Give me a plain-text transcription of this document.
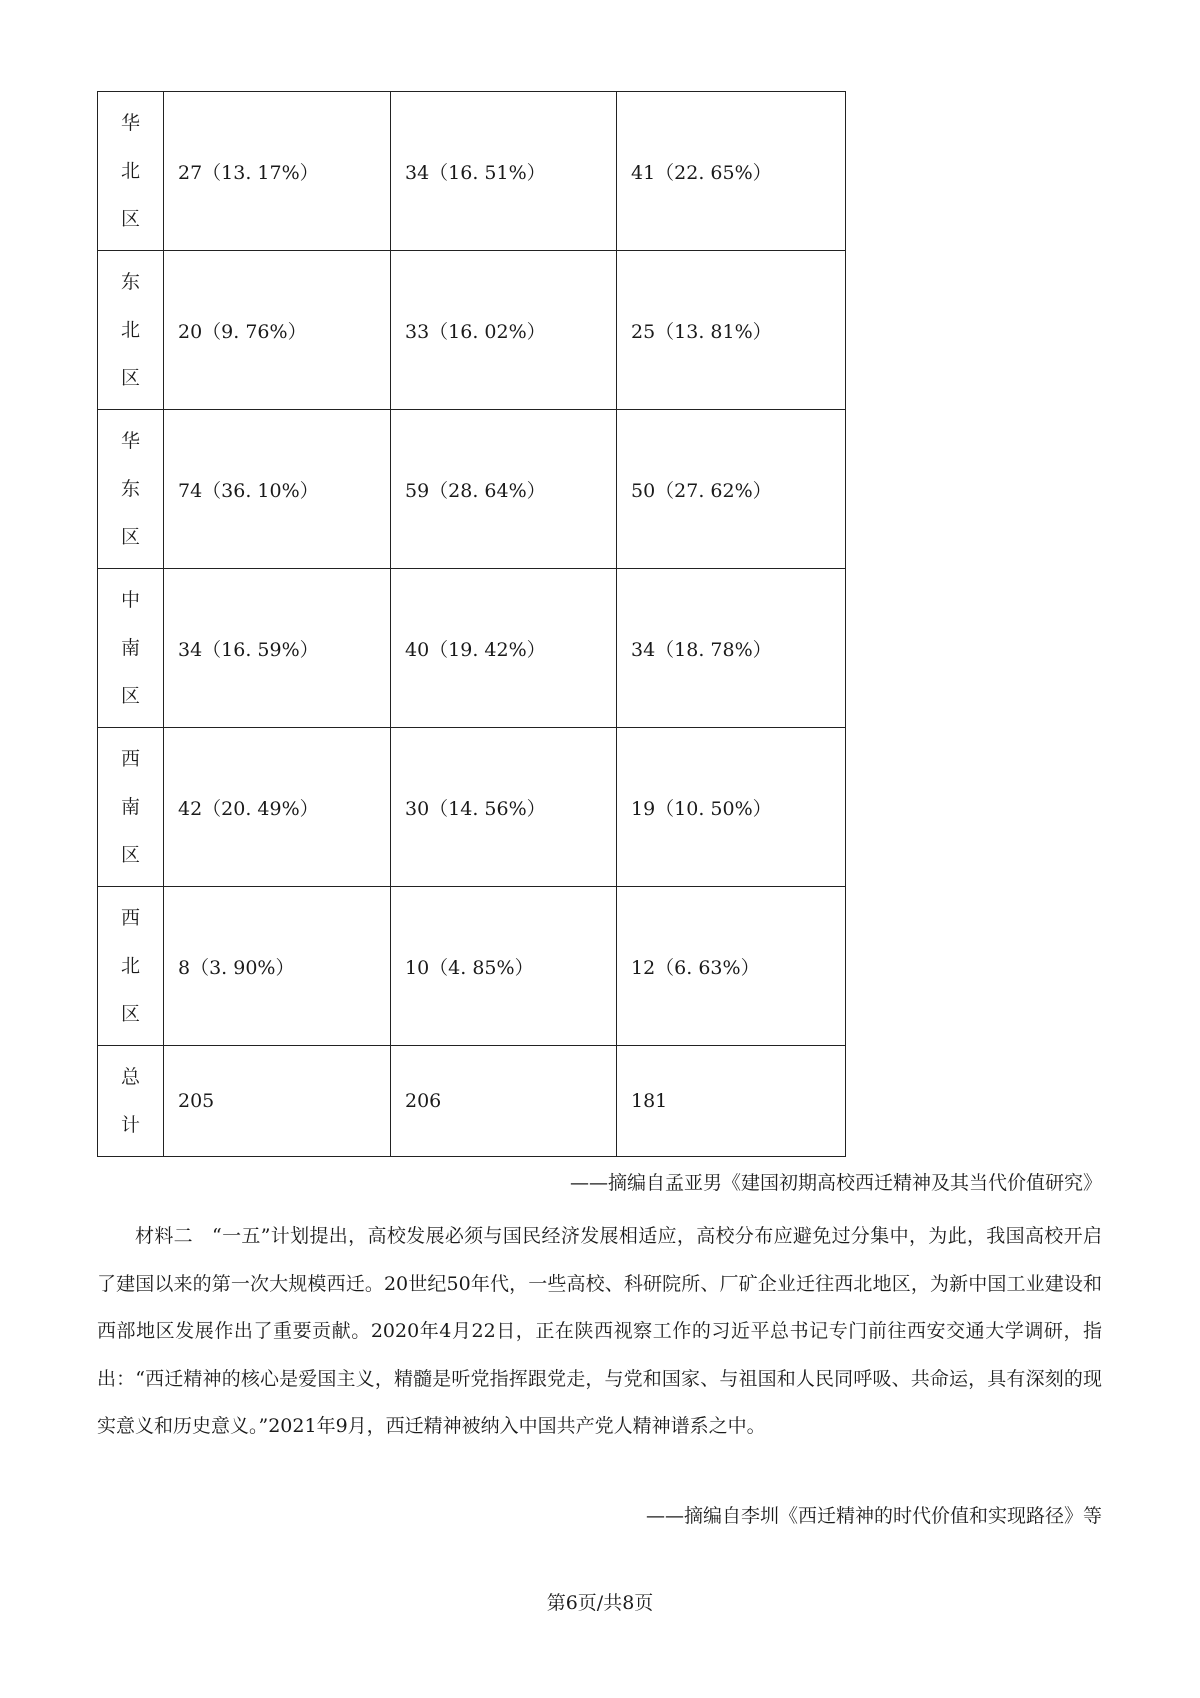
华
北
区	27（13. 17%）	34（16. 51%）	41（22. 65%）

东
北
区	20（9. 76%）	33（16. 02%）	25（13. 81%）

华
东
区	74（36. 10%）	59（28. 64%）	50（27. 62%）

中
南
区	34（16. 59%）	40（19. 42%）	34（18. 78%）

西
南
区	42（20. 49%）	30（14. 56%）	19（10. 50%）

西
北
区	8（3. 90%）	10（4. 85%）	12（6. 63%）

总
计	205	206	181
——摘编自孟亚男《建国初期高校西迁精神及其当代价值研究》

材料二 “一五”计划提出，高校发展必须与国民经济发展相适应，高校分布应避免过分集中，为此，我国高校开启了建国以来的第一次大规模西迁。20世纪50年代，一些高校、科研院所、厂矿企业迁往西北地区，为新中国工业建设和西部地区发展作出了重要贡献。2020年4月22日，正在陕西视察工作的习近平总书记专门前往西安交通大学调研，指出：“西迁精神的核心是爱国主义，精髓是听党指挥跟党走，与党和国家、与祖国和人民同呼吸、共命运，具有深刻的现实意义和历史意义。”2021年9月，西迁精神被纳入中国共产党人精神谱系之中。

——摘编自李圳《西迁精神的时代价值和实现路径》等
第6页/共8页
